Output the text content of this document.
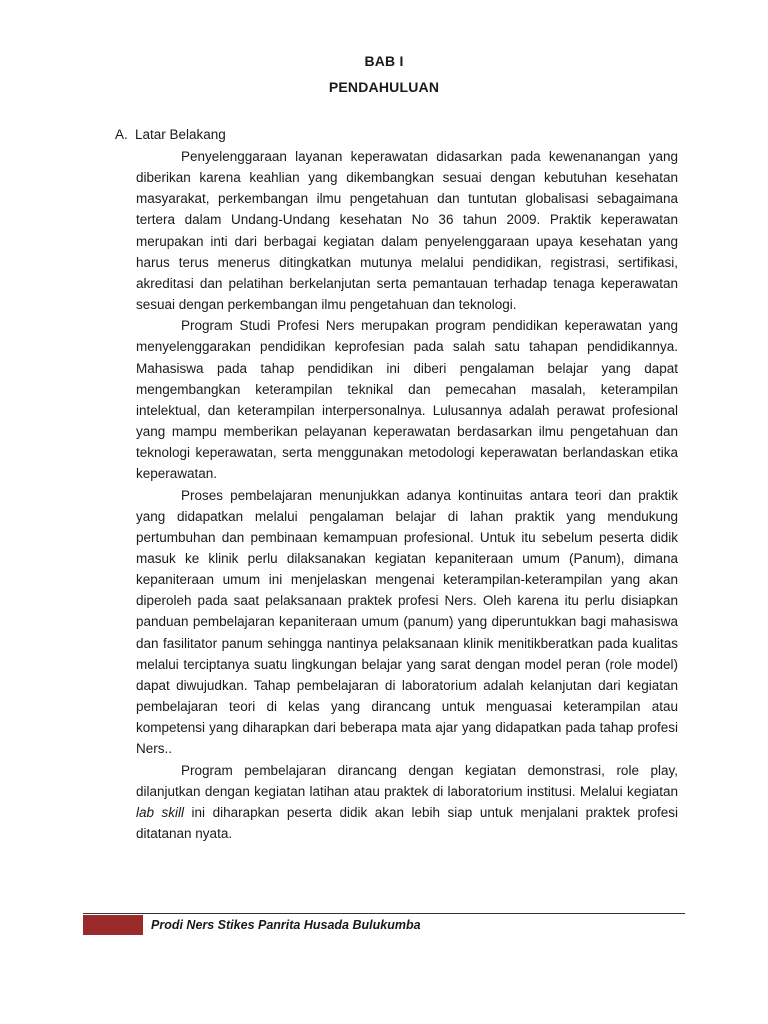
BAB I
PENDAHULUAN
A. Latar Belakang

Penyelenggaraan layanan keperawatan didasarkan pada kewenanangan yang diberikan karena keahlian yang dikembangkan sesuai dengan kebutuhan kesehatan masyarakat, perkembangan ilmu pengetahuan dan tuntutan globalisasi sebagaimana tertera dalam Undang-Undang kesehatan No 36 tahun 2009. Praktik keperawatan merupakan inti dari berbagai kegiatan dalam penyelenggaraan upaya kesehatan yang harus terus menerus ditingkatkan mutunya melalui pendidikan, registrasi, sertifikasi, akreditasi dan pelatihan berkelanjutan serta pemantauan terhadap tenaga keperawatan sesuai dengan perkembangan ilmu pengetahuan dan teknologi.

Program Studi Profesi Ners merupakan program pendidikan keperawatan yang menyelenggarakan pendidikan keprofesian pada salah satu tahapan pendidikannya. Mahasiswa pada tahap pendidikan ini diberi pengalaman belajar yang dapat mengembangkan keterampilan teknikal dan pemecahan masalah, keterampilan intelektual, dan keterampilan interpersonalnya. Lulusannya adalah perawat profesional yang mampu memberikan pelayanan keperawatan berdasarkan ilmu pengetahuan dan teknologi keperawatan, serta menggunakan metodologi keperawatan berlandaskan etika keperawatan.

Proses pembelajaran menunjukkan adanya kontinuitas antara teori dan praktik yang didapatkan melalui pengalaman belajar di lahan praktik yang mendukung pertumbuhan dan pembinaan kemampuan profesional. Untuk itu sebelum peserta didik masuk ke klinik perlu dilaksanakan kegiatan kepaniteraan umum (Panum), dimana kepaniteraan umum ini menjelaskan mengenai keterampilan-keterampilan yang akan diperoleh pada saat pelaksanaan praktek profesi Ners. Oleh karena itu perlu disiapkan panduan pembelajaran kepaniteraan umum (panum) yang diperuntukkan bagi mahasiswa dan fasilitator panum sehingga nantinya pelaksanaan klinik menitikberatkan pada kualitas melalui terciptanya suatu lingkungan belajar yang sarat dengan model peran (role model) dapat diwujudkan. Tahap pembelajaran di laboratorium adalah kelanjutan dari kegiatan pembelajaran teori di kelas yang dirancang untuk menguasai keterampilan atau kompetensi yang diharapkan dari beberapa mata ajar yang didapatkan pada tahap profesi Ners..

Program pembelajaran dirancang dengan kegiatan demonstrasi, role play, dilanjutkan dengan kegiatan latihan atau praktek di laboratorium institusi. Melalui kegiatan lab skill ini diharapkan peserta didik akan lebih siap untuk menjalani praktek profesi ditatanan nyata.

Prodi Ners Stikes Panrita Husada Bulukumba
